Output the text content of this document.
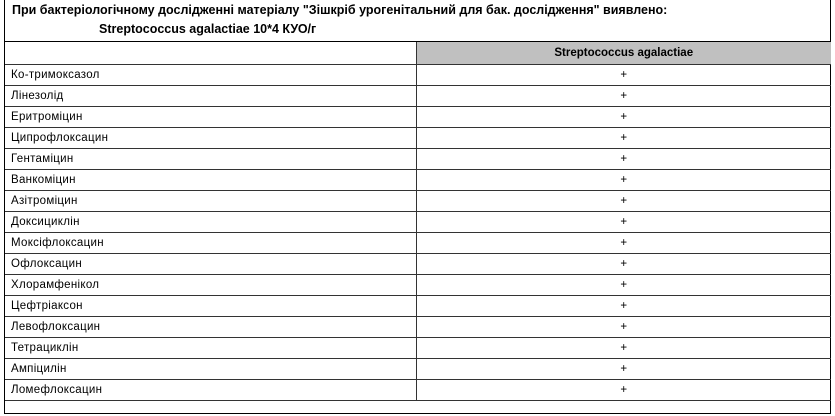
При бактеріологічному дослідженні матеріалу "Зішкріб урогенітальний для бак. дослідження" виявлено:
Streptococcus agalactiae 10*4 КУО/г
	Streptococcus agalactiae
Ко-тримоксазол	+
Лінезолід	+
Еритроміцин	+
Ципрофлоксацин	+
Гентаміцин	+
Ванкоміцин	+
Азітроміцин	+
Доксициклін	+
Моксіфлоксацин	+
Офлоксацин	+
Хлорамфенікол	+
Цефтріаксон	+
Левофлоксацин	+
Тетрациклін	+
Ампіцилін	+
Ломефлоксацин	+
